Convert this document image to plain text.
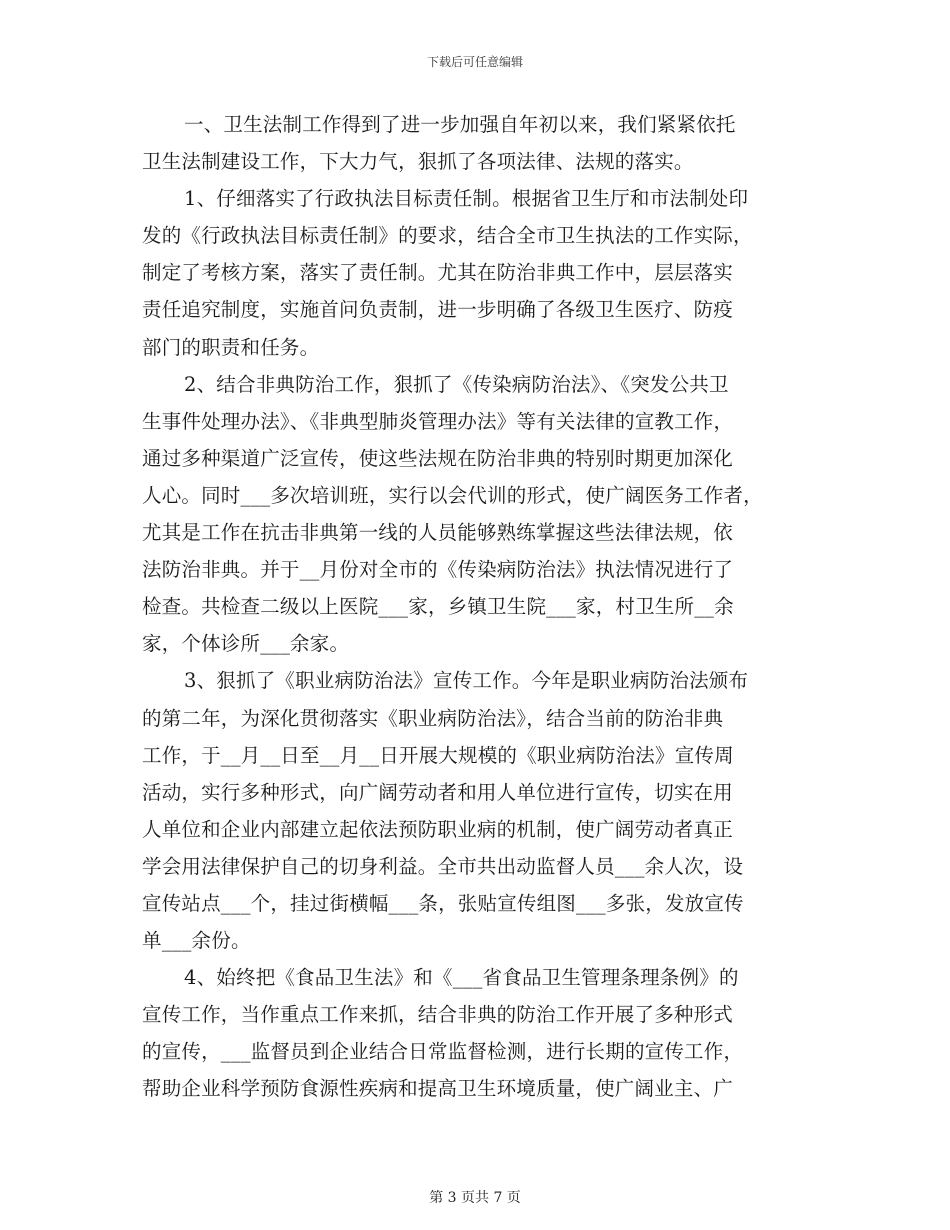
下载后可任意编辑
一、卫生法制工作得到了进一步加强自年初以来，我们紧紧依托
卫生法制建设工作，下大力气，狠抓了各项法律、法规的落实。
1、仔细落实了行政执法目标责任制。根据省卫生厅和市法制处印
发的《行政执法目标责任制》的要求，结合全市卫生执法的工作实际，
制定了考核方案，落实了责任制。尤其在防治非典工作中，层层落实
责任追究制度，实施首问负责制，进一步明确了各级卫生医疗、防疫
部门的职责和任务。
2、结合非典防治工作，狠抓了《传染病防治法》、《突发公共卫
生事件处理办法》、《非典型肺炎管理办法》等有关法律的宣教工作，
通过多种渠道广泛宣传，使这些法规在防治非典的特别时期更加深化
人心。同时___多次培训班，实行以会代训的形式，使广阔医务工作者，
尤其是工作在抗击非典第一线的人员能够熟练掌握这些法律法规，依
法防治非典。并于__月份对全市的《传染病防治法》执法情况进行了
检查。共检查二级以上医院___家，乡镇卫生院___家，村卫生所__余
家，个体诊所___余家。
3、狠抓了《职业病防治法》宣传工作。今年是职业病防治法颁布
的第二年，为深化贯彻落实《职业病防治法》，结合当前的防治非典
工作，于__月__日至__月__日开展大规模的《职业病防治法》宣传周
活动，实行多种形式，向广阔劳动者和用人单位进行宣传，切实在用
人单位和企业内部建立起依法预防职业病的机制，使广阔劳动者真正
学会用法律保护自己的切身利益。全市共出动监督人员___余人次，设
宣传站点___个，挂过街横幅___条，张贴宣传组图___多张，发放宣传
单___余份。
4、始终把《食品卫生法》和《___省食品卫生管理条理条例》的
宣传工作，当作重点工作来抓，结合非典的防治工作开展了多种形式
的宣传，___监督员到企业结合日常监督检测，进行长期的宣传工作，
帮助企业科学预防食源性疾病和提高卫生环境质量，使广阔业主、广
第 3 页共 7 页
